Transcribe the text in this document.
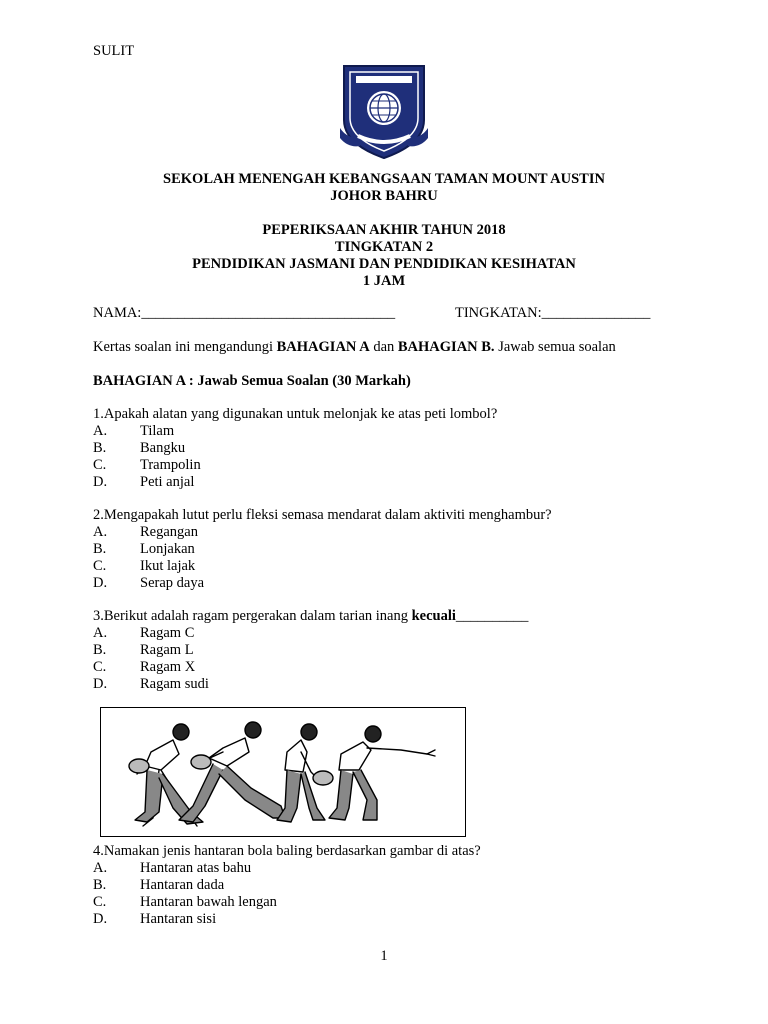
SULIT
SEKOLAH MENENGAH KEBANGSAAN TAMAN MOUNT AUSTIN
JOHOR BAHRU
PEPERIKSAAN AKHIR TAHUN 2018
TINGKATAN 2
PENDIDIKAN JASMANI DAN PENDIDIKAN KESIHATAN
1 JAM
NAMA:___________________________________	TINGKATAN:_______________
Kertas soalan ini mengandungi BAHAGIAN A dan BAHAGIAN B. Jawab semua soalan
BAHAGIAN A : Jawab Semua Soalan (30 Markah)
1.Apakah alatan yang digunakan untuk melonjak ke atas peti lombol?
A. Tilam
B. Bangku
C. Trampolin
D. Peti anjal
2.Mengapakah lutut perlu fleksi semasa mendarat dalam aktiviti menghambur?
A. Regangan
B. Lonjakan
C. Ikut lajak
D. Serap daya
3.Berikut adalah ragam pergerakan dalam tarian inang kecuali__________
A. Ragam C
B. Ragam L
C. Ragam X
D. Ragam sudi
4.Namakan jenis hantaran bola baling berdasarkan gambar di atas?
A. Hantaran atas bahu
B. Hantaran dada
C. Hantaran bawah lengan
D. Hantaran sisi
1
